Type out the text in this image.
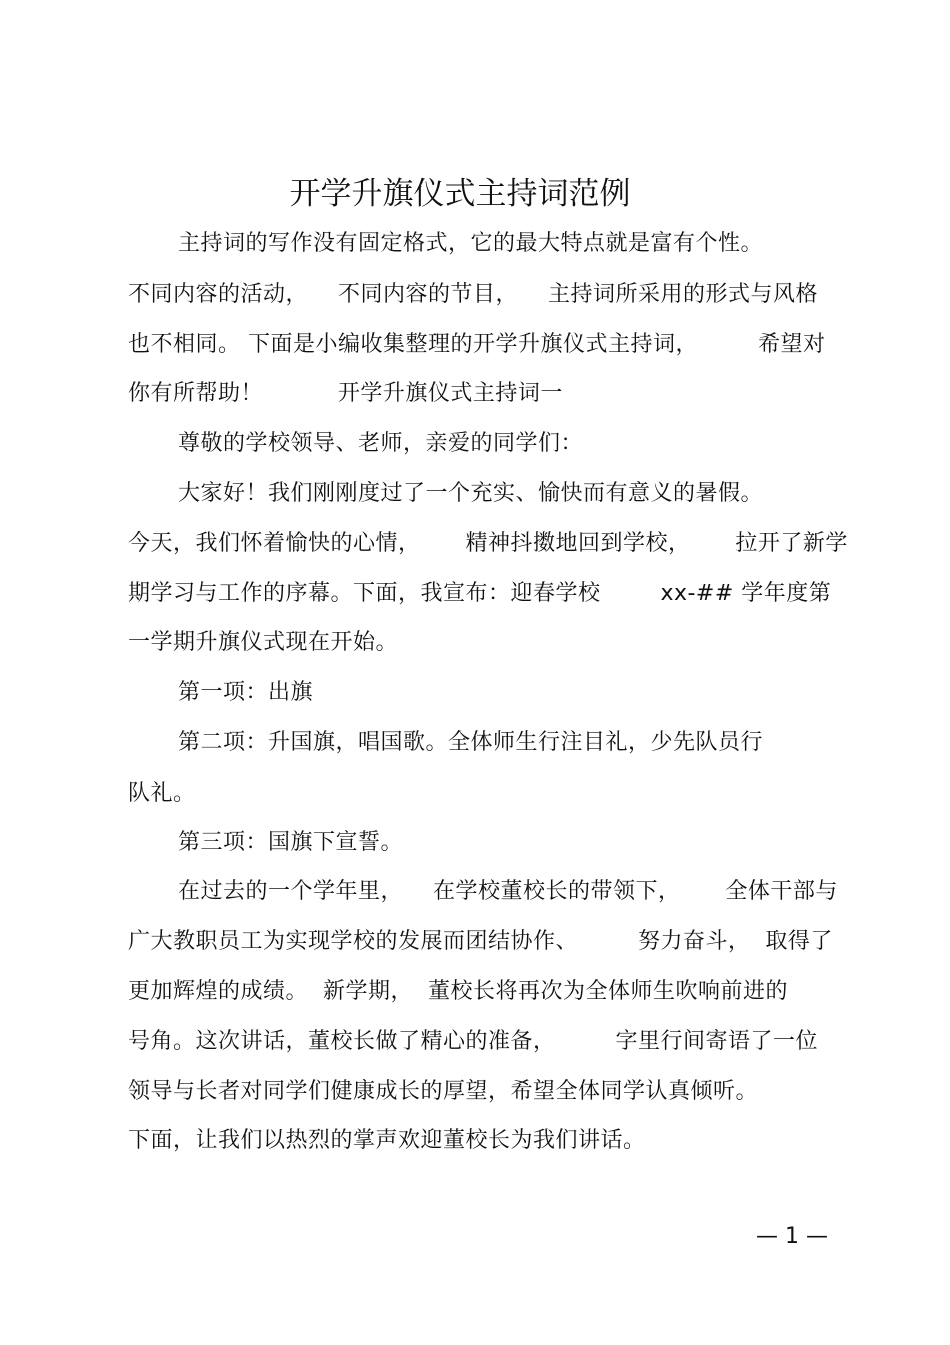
开学升旗仪式主持词范例
主持词的写作没有固定格式，它的最大特点就是富有个性。
不同内容的活动，    不同内容的节目，    主持词所采用的形式与风格
也不相同。 下面是小编收集整理的开学升旗仪式主持词，        希望对
你有所帮助！          开学升旗仪式主持词一
尊敬的学校领导、老师，亲爱的同学们：
大家好！我们刚刚度过了一个充实、愉快而有意义的暑假。
今天，我们怀着愉快的心情，      精神抖擞地回到学校，      拉开了新学
期学习与工作的序幕。下面，我宣布：迎春学校        xx-## 学年度第
一学期升旗仪式现在开始。
第一项：出旗
第二项：升国旗，唱国歌。全体师生行注目礼，少先队员行
队礼。
第三项：国旗下宣誓。
在过去的一个学年里，    在学校董校长的带领下，      全体干部与
广大教职员工为实现学校的发展而团结协作、        努力奋斗，  取得了
更加辉煌的成绩。  新学期，  董校长将再次为全体师生吹响前进的
号角。这次讲话，董校长做了精心的准备，        字里行间寄语了一位
领导与长者对同学们健康成长的厚望，希望全体同学认真倾听。
下面，让我们以热烈的掌声欢迎董校长为我们讲话。
— 1 —
